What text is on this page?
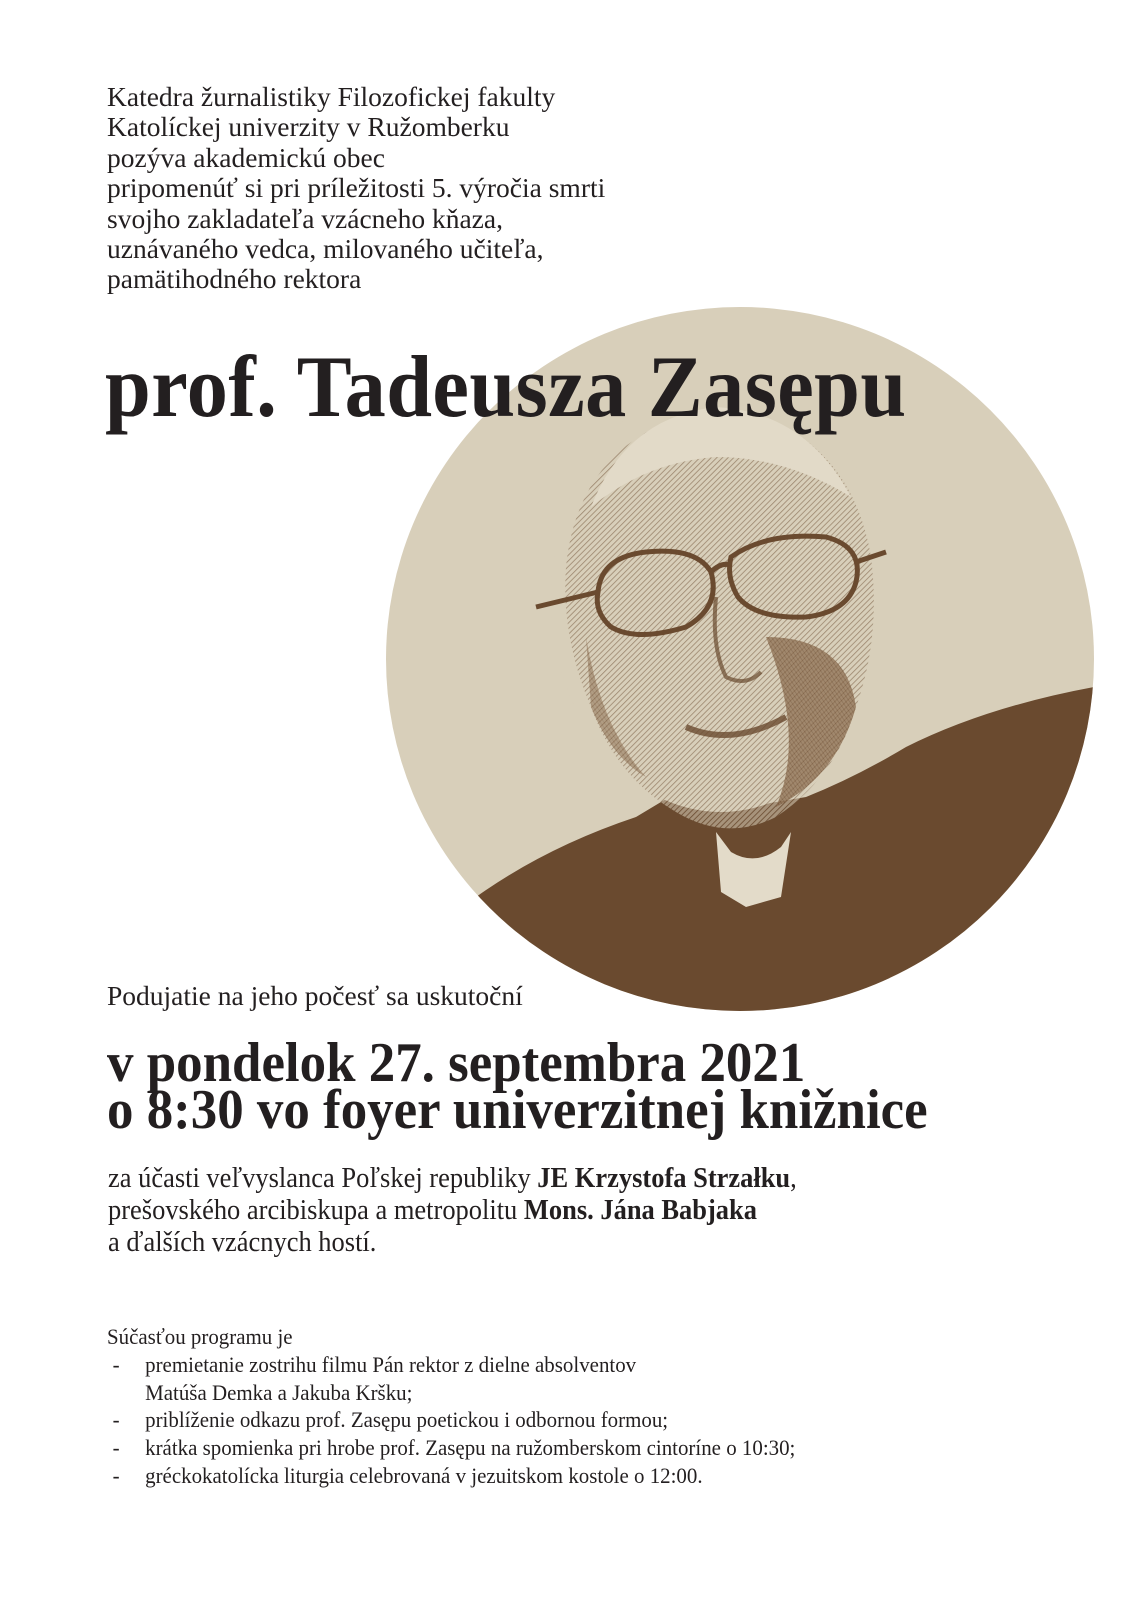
Katedra žurnalistiky Filozofickej fakulty
Katolíckej univerzity v Ružomberku
pozýva akademickú obec
pripomenúť si pri príležitosti 5. výročia smrti
svojho zakladateľa vzácneho kňaza,
uznávaného vedca, milovaného učiteľa,
pamätihodného rektora
prof. Tadeusza Zasępu
Podujatie na jeho počesť sa uskutoční
v pondelok 27. septembra 2021
o 8:30 vo foyer univerzitnej knižnice
za účasti veľvyslanca Poľskej republiky JE Krzystofa Strzałku,
prešovského arcibiskupa a metropolitu Mons. Jána Babjaka
a ďalších vzácnych hostí.
Súčasťou programu je
- premietanie zostrihu filmu Pán rektor z dielne absolventov
Matúša Demka a Jakuba Kršku;
- priblíženie odkazu prof. Zasępu poetickou i odbornou formou;
- krátka spomienka pri hrobe prof. Zasępu na ružomberskom cintoríne o 10:30;
- gréckokatolícka liturgia celebrovaná v jezuitskom kostole o 12:00.
